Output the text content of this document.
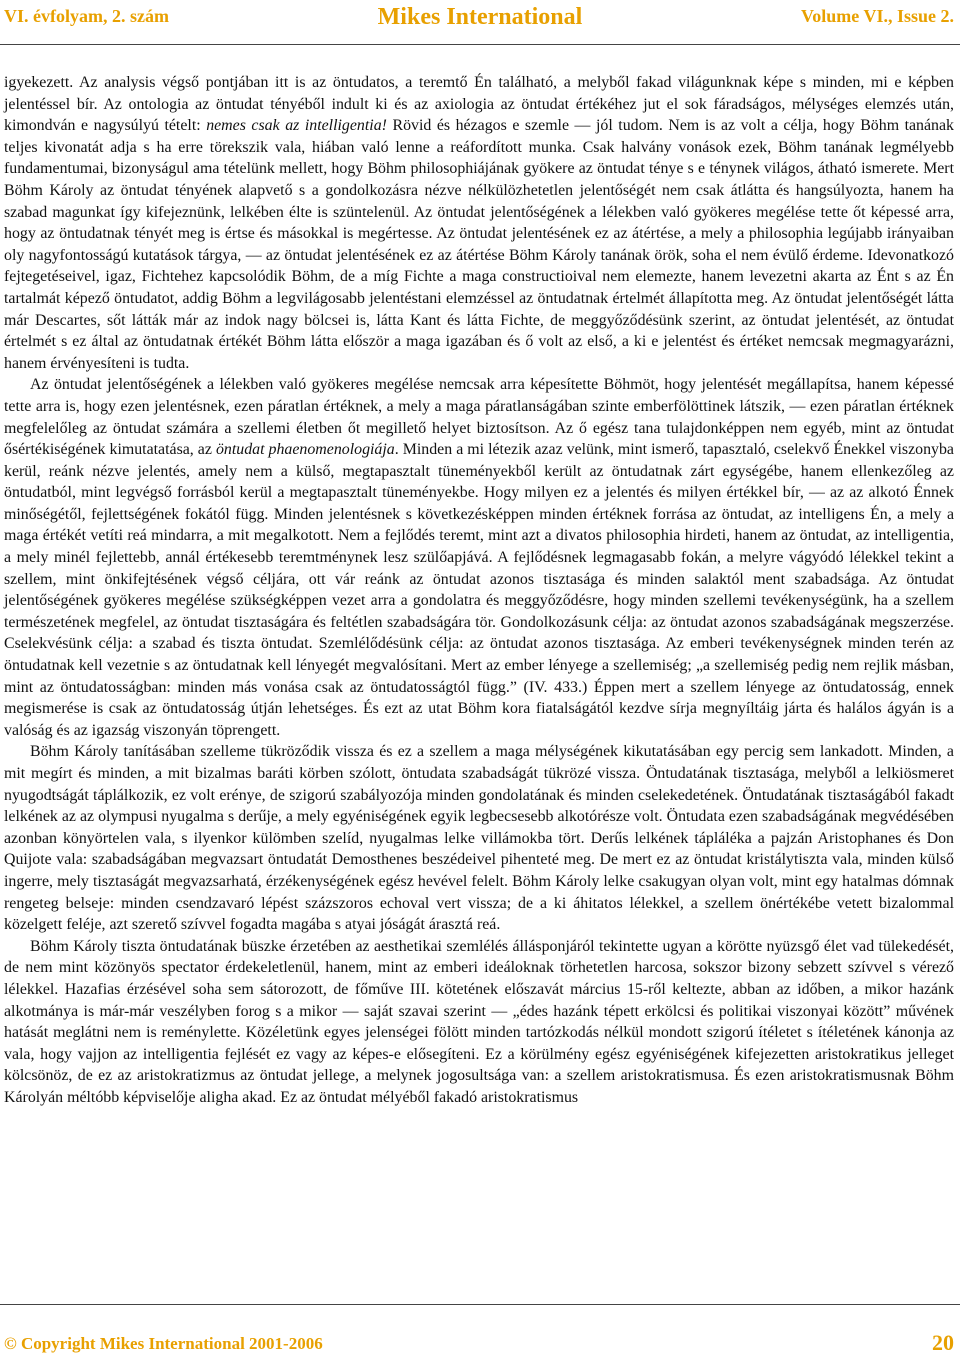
VI. évfolyam, 2. szám	Mikes International	Volume VI., Issue 2.

igyekezett. Az analysis végső pontjában itt is az öntudatos, a teremtő Én található, a melyből fakad világunknak képe s minden, mi e képben jelentéssel bír. Az ontologia az öntudat tényéből indult ki és az axiologia az öntudat értékéhez jut el sok fáradságos, mélységes elemzés után, kimondván e nagysúlyú tételt: nemes csak az intelligentia! Rövid és hézagos e szemle — jól tudom. Nem is az volt a célja, hogy Böhm tanának teljes kivonatát adja s ha erre törekszik vala, hiában való lenne a reáfordított munka. Csak halvány vonások ezek, Böhm tanának legmélyebb fundamentumai, bizonyságul ama tételünk mellett, hogy Böhm philosophiájának gyökere az öntudat ténye s e ténynek világos, átható ismerete. Mert Böhm Károly az öntudat tényének alapvető s a gondolkozásra nézve nélkülözhetetlen jelentőségét nem csak átlátta és hangsúlyozta, hanem ha szabad magunkat így kifejeznünk, lelkében élte is szüntelenül. Az öntudat jelentőségének a lélekben való gyökeres megélése tette őt képessé arra, hogy az öntudatnak tényét meg is értse és másokkal is megértesse. Az öntudat jelentésének ez az átértése, a mely a philosophia legújabb irányaiban oly nagyfontosságú kutatások tárgya, — az öntudat jelentésének ez az átértése Böhm Károly tanának örök, soha el nem évülő érdeme. Idevonatkozó fejtegetéseivel, igaz, Fichtehez kapcsolódik Böhm, de a míg Fichte a maga constructioival nem elemezte, hanem levezetni akarta az Ént s az Én tartalmát képező öntudatot, addig Böhm a legvilágosabb jelentéstani elemzéssel az öntudatnak értelmét állapította meg. Az öntudat jelentőségét látta már Descartes, sőt látták már az indok nagy bölcsei is, látta Kant és látta Fichte, de meggyőződésünk szerint, az öntudat jelentését, az öntudat értelmét s ez által az öntudatnak értékét Böhm látta először a maga igazában és ő volt az első, a ki e jelentést és értéket nemcsak megmagyarázni, hanem érvényesíteni is tudta.

Az öntudat jelentőségének a lélekben való gyökeres megélése nemcsak arra képesítette Böhmöt, hogy jelentését megállapítsa, hanem képessé tette arra is, hogy ezen jelentésnek, ezen páratlan értéknek, a mely a maga páratlanságában szinte emberfölöttinek látszik, — ezen páratlan értéknek megfelelőleg az öntudat számára a szellemi életben őt megillető helyet biztosítson. Az ő egész tana tulajdonképpen nem egyéb, mint az öntudat ősértékiségének kimutatatása, az öntudat phaenomenologiája. Minden a mi létezik azaz velünk, mint ismerő, tapasztaló, cselekvő Énekkel viszonyba kerül, reánk nézve jelentés, amely nem a külső, megtapasztalt tüneményekből került az öntudatnak zárt egységébe, hanem ellenkezőleg az öntudatból, mint legvégső forrásból kerül a megtapasztalt tüneményekbe. Hogy milyen ez a jelentés és milyen értékkel bír, — az az alkotó Énnek minőségétől, fejlettségének fokától függ. Minden jelentésnek s következésképpen minden értéknek forrása az öntudat, az intelligens Én, a mely a maga értékét vetíti reá mindarra, a mit megalkotott. Nem a fejlődés teremt, mint azt a divatos philosophia hirdeti, hanem az öntudat, az intelligentia, a mely minél fejlettebb, annál értékesebb teremtménynek lesz szülőapjává. A fejlődésnek legmagasabb fokán, a melyre vágyódó lélekkel tekint a szellem, mint önkifejtésének végső céljára, ott vár reánk az öntudat azonos tisztasága és minden salaktól ment szabadsága. Az öntudat jelentőségének gyökeres megélése szükségképpen vezet arra a gondolatra és meggyőződésre, hogy minden szellemi tevékenységünk, ha a szellem természetének megfelel, az öntudat tisztaságára és feltétlen szabadságára tör. Gondolkozásunk célja: az öntudat azonos szabadságának megszerzése. Cselekvésünk célja: a szabad és tiszta öntudat. Szemlélődésünk célja: az öntudat azonos tisztasága. Az emberi tevékenységnek minden terén az öntudatnak kell vezetnie s az öntudatnak kell lényegét megvalósítani. Mert az ember lényege a szellemiség; „a szellemiség pedig nem rejlik másban, mint az öntudatosságban: minden más vonása csak az öntudatosságtól függ.” (IV. 433.) Éppen mert a szellem lényege az öntudatosság, ennek megismerése is csak az öntudatosság útján lehetséges. És ezt az utat Böhm kora fiatalságától kezdve sírja megnyíltáig járta és halálos ágyán is a valóság és az igazság viszonyán töprengett.

Böhm Károly tanításában szelleme tükröződik vissza és ez a szellem a maga mélységének kikutatásában egy percig sem lankadott. Minden, a mit megírt és minden, a mit bizalmas baráti körben szólott, öntudata szabadságát tükrözé vissza. Öntudatának tisztasága, melyből a lelkiösmeret nyugodtságát táplálkozik, ez volt erénye, de szigorú szabályozója minden gondolatának és minden cselekedetének. Öntudatának tisztaságából fakadt lelkének az az olympusi nyugalma s derűje, a mely egyéniségének egyik legbecsesebb alkotórésze volt. Öntudata ezen szabadságának megvédésében azonban könyörtelen vala, s ilyenkor külömben szelíd, nyugalmas lelke villámokba tört. Derűs lelkének tápláléka a pajzán Aristophanes és Don Quijote vala: szabadságában megvazsart öntudatát Demosthenes beszédeivel pihenteté meg. De mert ez az öntudat kristálytiszta vala, minden külső ingerre, mely tisztaságát megvazsarhatá, érzékenységének egész hevével felelt. Böhm Károly lelke csakugyan olyan volt, mint egy hatalmas dómnak rengeteg belseje: minden csendzavaró lépést százszoros echoval vert vissza; de a ki áhitatos lélekkel, a szellem önértékébe vetett bizalommal közelgett feléje, azt szerető szívvel fogadta magába s atyai jóságát árasztá reá.

Böhm Károly tiszta öntudatának büszke érzetében az aesthetikai szemlélés állásponjáról tekintette ugyan a körötte nyüzsgő élet vad tülekedését, de nem mint közönyös spectator érdekeletlenül, hanem, mint az emberi ideáloknak törhetetlen harcosa, sokszor bizony sebzett szívvel s vérező lélekkel. Hazafias érzésével soha sem sátorozott, de főműve III. kötetének előszavát március 15-ről keltezte, abban az időben, a mikor hazánk alkotmánya is már-már veszélyben forog s a mikor — saját szavai szerint — „édes hazánk tépett erkölcsi és politikai viszonyai között” művének hatását meglátni nem is reménylette. Közéletünk egyes jelenségei fölött minden tartózkodás nélkül mondott szigorú ítéletet s ítéletének kánonja az vala, hogy vajjon az intelligentia fejlését ez vagy az képes-e elősegíteni. Ez a körülmény egész egyéniségének kifejezetten aristokratikus jelleget kölcsönöz, de ez az aristokratizmus az öntudat jellege, a melynek jogosultsága van: a szellem aristokratismusa. És ezen aristokratismusnak Böhm Károlyán méltóbb képviselője aligha akad. Ez az öntudat mélyéből fakadó aristokratismus

© Copyright Mikes International 2001-2006	20
